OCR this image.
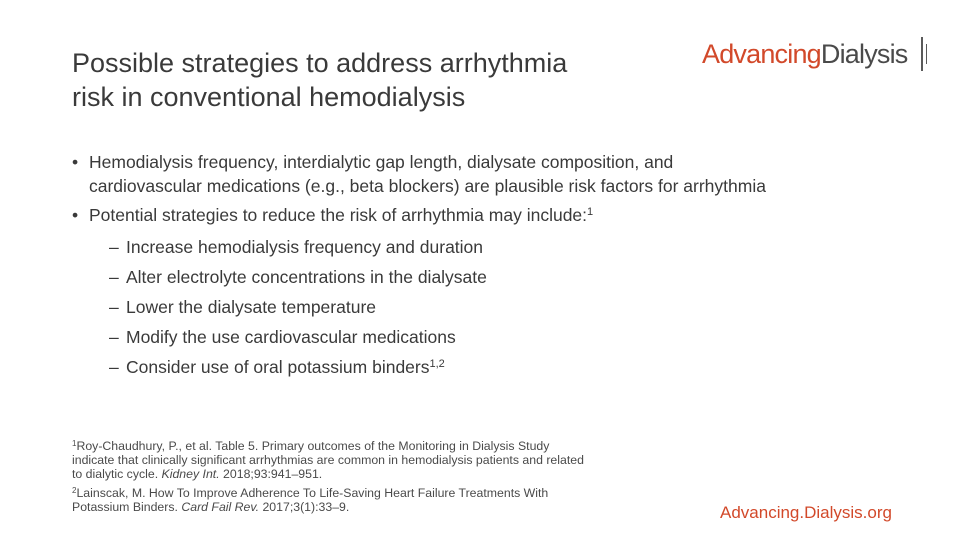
Possible strategies to address arrhythmia
risk in conventional hemodialysis
AdvancingDialysis
• Hemodialysis frequency, interdialytic gap length, dialysate composition, and
cardiovascular medications (e.g., beta blockers) are plausible risk factors for arrhythmia
• Potential strategies to reduce the risk of arrhythmia may include:$^1$
– Increase hemodialysis frequency and duration
– Alter electrolyte concentrations in the dialysate
– Lower the dialysate temperature
– Modify the use cardiovascular medications
– Consider use of oral potassium binders$^{1,2}$
$^1$Roy-Chaudhury, P., et al. Table 5. Primary outcomes of the Monitoring in Dialysis Study
indicate that clinically significant arrhythmias are common in hemodialysis patients and related
to dialytic cycle. Kidney Int. 2018;93:941–951.
$^2$Lainscak, M. How To Improve Adherence To Life-Saving Heart Failure Treatments With
Potassium Binders. Card Fail Rev. 2017;3(1):33–9.	Advancing.Dialysis.org
